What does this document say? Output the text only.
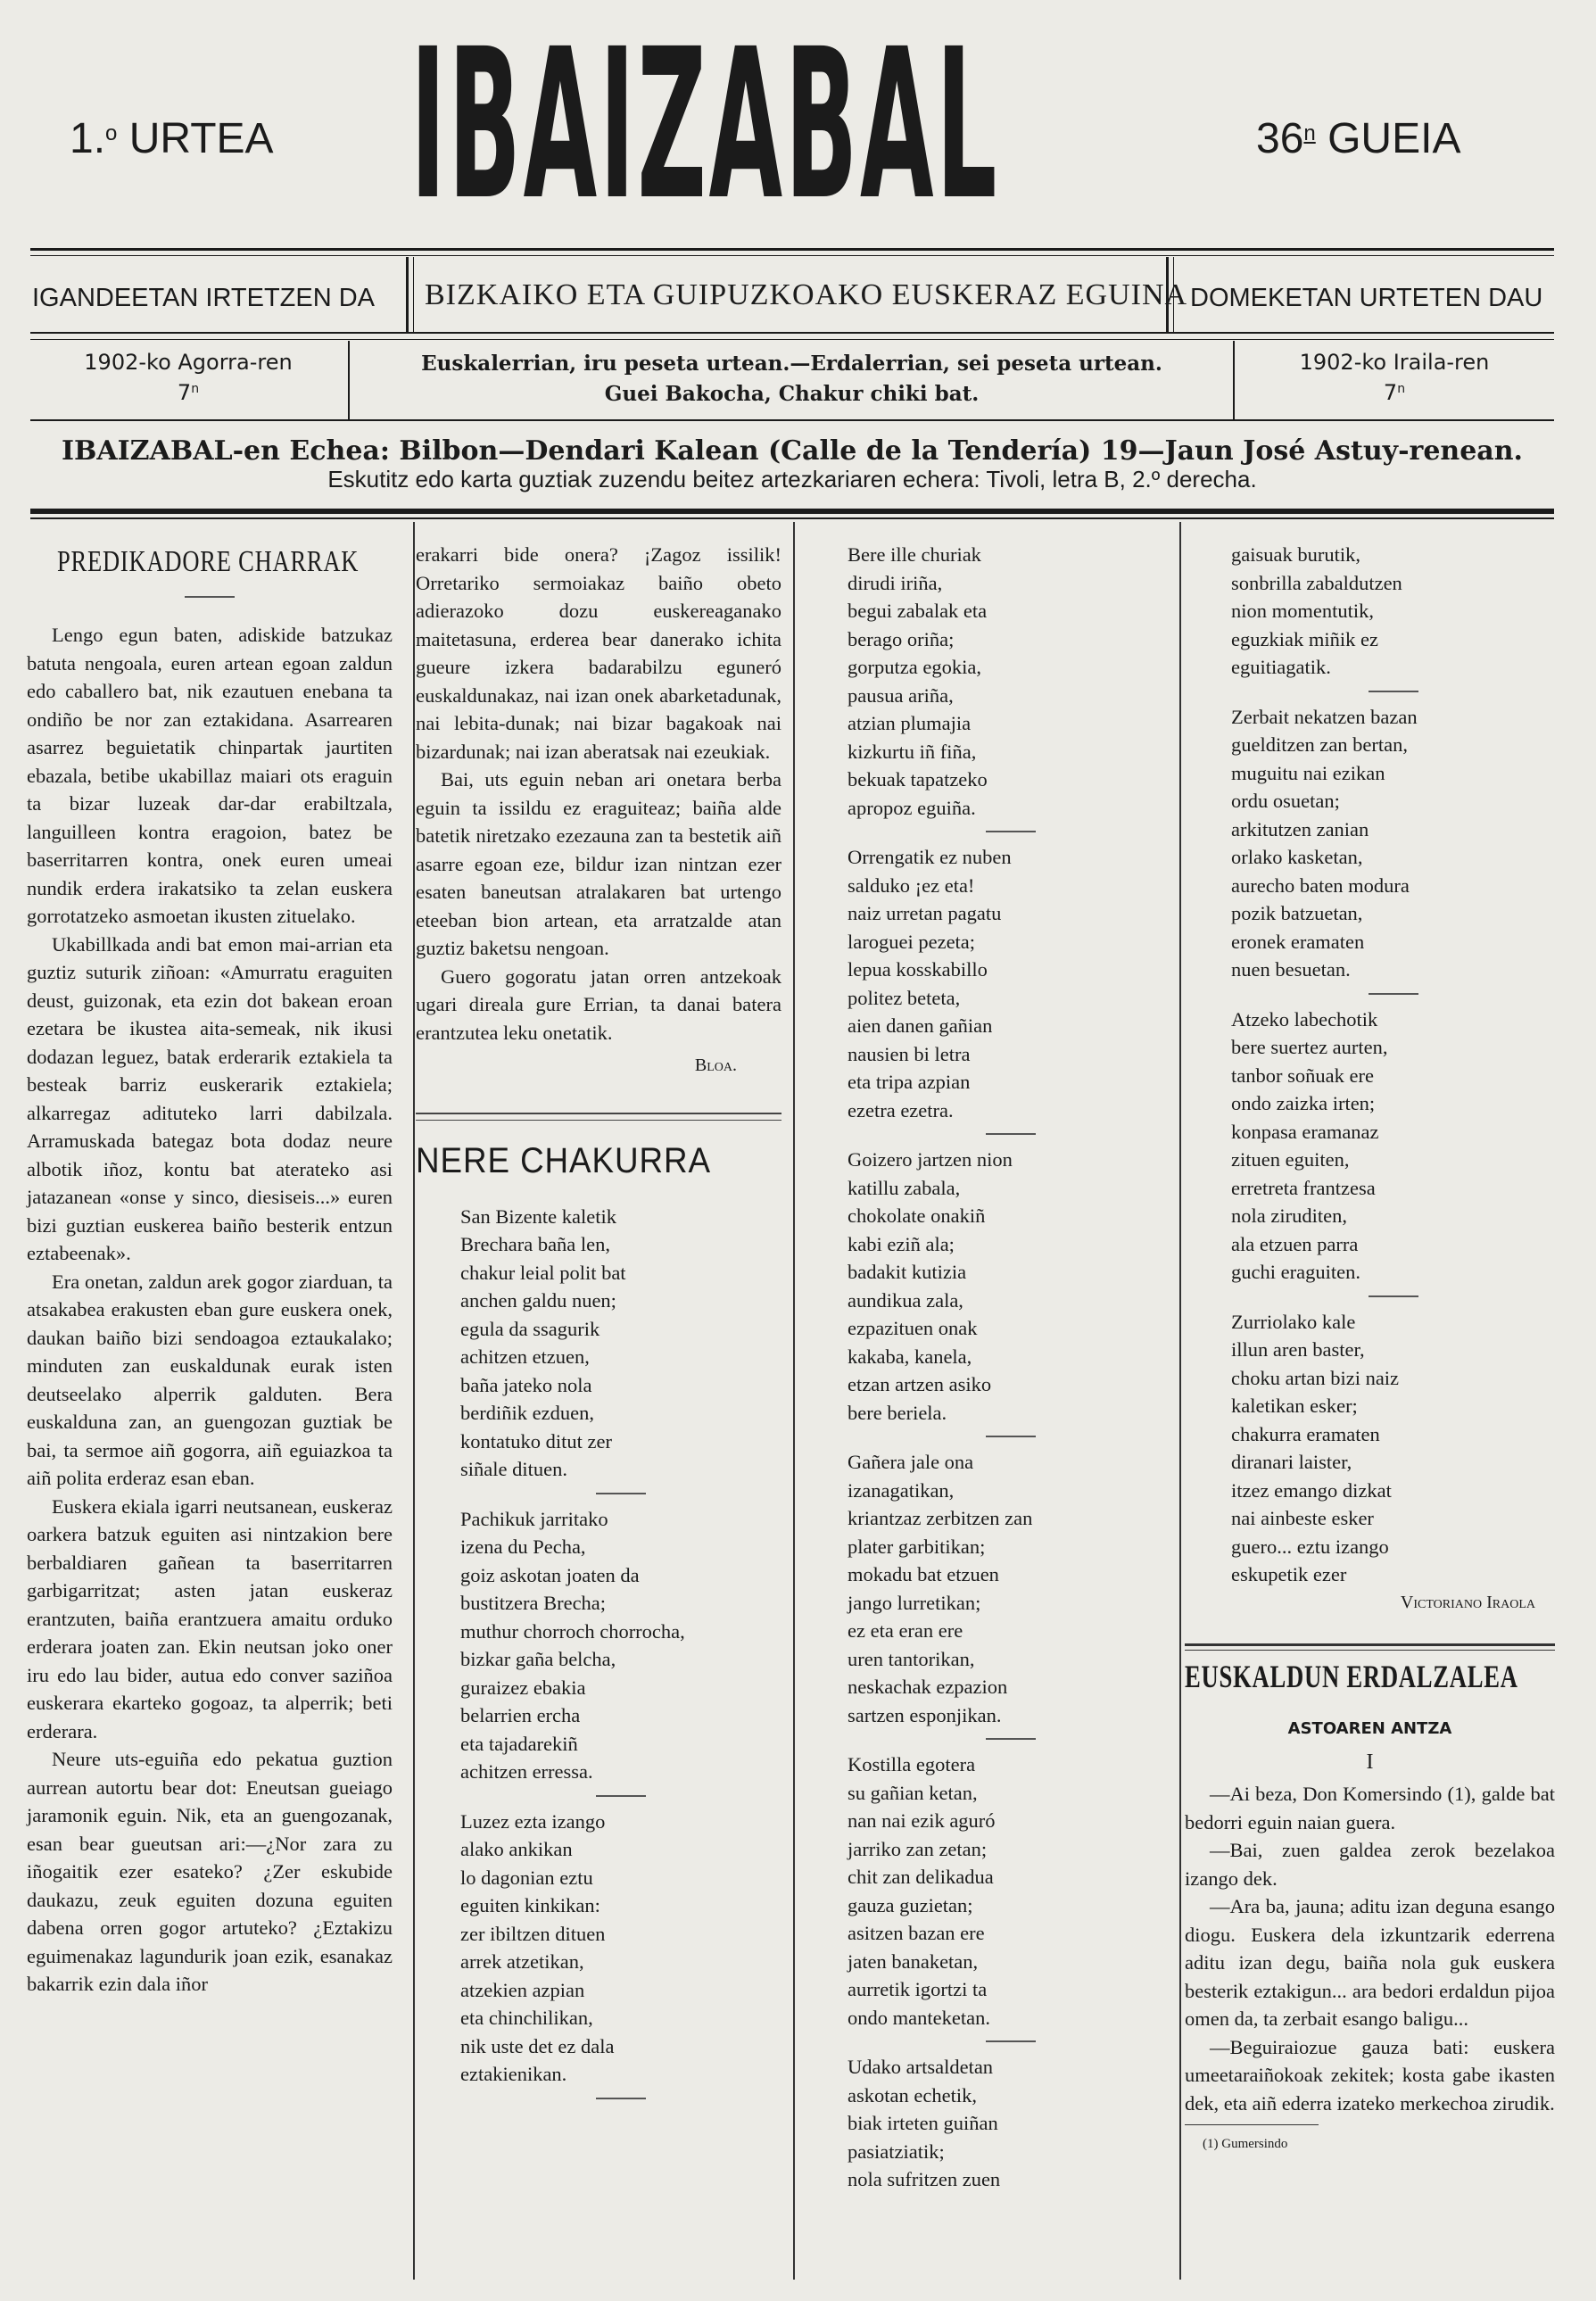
1.$^o$ URTEA IBAIZABAL	36$^n$ GUEIA
IGANDEETAN IRTETZEN DA BIZKAIKO ETA GUIPUZKOAKO EUSKERAZ EGUINA DOMEKETAN URTETEN DAU
1902-ko Agorra-ren
7$^n$
Euskalerrian, iru peseta urtean.—Erdalerrian, sei peseta urtean.
Guei Bakocha, Chakur chiki bat.
1902-ko Iraila-ren
7$^n$
IBAIZABAL-en Echea: Bilbon—Dendari Kalean (Calle de la Tendería) 19—Jaun José Astuy-renean.
Eskutitz edo karta guztiak zuzendu beitez artezkariaren echera: Tivoli, letra B, 2.º derecha.
PREDIKADORE CHARRAK

Lengo egun baten, adiskide batzukaz batuta nengoala, euren artean egoan zaldun edo caballero bat, nik ezautuen enebana ta ondiño be nor zan eztakidana. Asarrearen asarrez beguietatik chinpartak jaurtiten ebazala, betibe ukabillaz maiari ots eraguin ta bizar luzeak dar-dar erabiltzala, languilleen kontra eragoion, batez be baserritarren kontra, onek euren umeai nundik erdera irakatsiko ta zelan euskera gorrotatzeko asmoetan ikusten zituelako.

Ukabillkada andi bat emon mai-arrian eta guztiz suturik ziñoan: «Amurratu eraguiten deust, guizonak, eta ezin dot bakean eroan ezetara be ikustea aita-semeak, nik ikusi dodazan leguez, batak erderarik eztakiela ta besteak barriz euskerarik eztakiela; alkarregaz adituteko larri dabilzala. Arramuskada bategaz bota dodaz neure albotik iñoz, kontu bat aterateko asi jatazanean «onse y sinco, diesiseis...» euren bizi guztian euskerea baiño besterik entzun eztabeenak».

Era onetan, zaldun arek gogor ziarduan, ta atsakabea erakusten eban gure euskera onek, daukan baiño bizi sendoagoa eztaukalako; minduten zan euskaldunak eurak isten deutseelako alperrik galduten. Bera euskalduna zan, an guengozan guztiak be bai, ta sermoe aiñ gogorra, aiñ eguiazkoa ta aiñ polita erderaz esan eban.

Euskera ekiala igarri neutsanean, euskeraz oarkera batzuk eguiten asi nintzakion bere berbaldiaren gañean ta baserritarren garbigarritzat; asten jatan euskeraz erantzuten, baiña erantzuera amaitu orduko erderara joaten zan. Ekin neutsan joko oner iru edo lau bider, autua edo conver saziñoa euskerara ekarteko gogoaz, ta alperrik; beti erderara.

Neure uts-eguiña edo pekatua guztion aurrean autortu bear dot: Eneutsan gueiago jaramonik eguin. Nik, eta an guengozanak, esan bear gueutsan ari:—¿Nor zara zu iñogaitik ezer esateko? ¿Zer eskubide daukazu, zeuk eguiten dozuna eguiten dabena orren gogor artuteko? ¿Eztakizu eguimenakaz lagundurik joan ezik, esanakaz bakarrik ezin dala iñor

erakarri bide onera? ¡Zagoz issilik! Orretariko sermoiakaz baiño obeto adierazoko dozu euskereaganako maitetasuna, erderea bear danerako ichita gueure izkera badarabilzu eguneró euskaldunakaz, nai izan onek abarketadunak, nai lebita-dunak; nai bizar bagakoak nai bizardunak; nai izan aberatsak nai ezeukiak.

Bai, uts eguin neban ari onetara berba eguin ta issildu ez eraguiteaz; baiña alde batetik niretzako ezezauna zan ta bestetik aiñ asarre egoan eze, bildur izan nintzan ezer esaten baneutsan atralakaren bat urtengo eteeban bion artean, eta arratzalde atan guztiz baketsu nengoan.

Guero gogoratu jatan orren antzekoak ugari direala gure Errian, ta danai batera erantzutea leku onetatik.

Bloa.
NERE CHAKURRA
San Bizente kaletik
Brechara baña len,
chakur leial polit bat
anchen galdu nuen;
egula da ssagurik
achitzen etzuen,
baña jateko nola
berdiñik ezduen,
kontatuko ditut zer
siñale dituen.
Pachikuk jarritako
izena du Pecha,
goiz askotan joaten da
bustitzera Brecha;
muthur chorroch chorrocha,
bizkar gaña belcha,
guraizez ebakia
belarrien ercha
eta tajadarekiñ
achitzen erressa.
Luzez ezta izango
alako ankikan
lo dagonian eztu
eguiten kinkikan:
zer ibiltzen dituen
arrek atzetikan,
atzekien azpian
eta chinchilikan,
nik uste det ez dala
eztakienikan.
Bere ille churiak
dirudi iriña,
begui zabalak eta
berago oriña;
gorputza egokia,
pausua ariña,
atzian plumajia
kizkurtu iñ fiña,
bekuak tapatzeko
apropoz eguiña.
Orrengatik ez nuben
salduko ¡ez eta!
naiz urretan pagatu
laroguei pezeta;
lepua kosskabillo
politez beteta,
aien danen gañian
nausien bi letra
eta tripa azpian
ezetra ezetra.
Goizero jartzen nion
katillu zabala,
chokolate onakiñ
kabi eziñ ala;
badakit kutizia
aundikua zala,
ezpazituen onak
kakaba, kanela,
etzan artzen asiko
bere beriela.
Gañera jale ona
izanagatikan,
kriantzaz zerbitzen zan
plater garbitikan;
mokadu bat etzuen
jango lurretikan;
ez eta eran ere
uren tantorikan,
neskachak ezpazion
sartzen esponjikan.
Kostilla egotera
su gañian ketan,
nan nai ezik aguró
jarriko zan zetan;
chit zan delikadua
gauza guzietan;
asitzen bazan ere
jaten banaketan,
aurretik igortzi ta
ondo manteketan.
Udako artsaldetan
askotan echetik,
biak irteten guiñan
pasiatziatik;
nola sufritzen zuen
gaisuak burutik,
sonbrilla zabaldutzen
nion momentutik,
eguzkiak miñik ez
eguitiagatik.
Zerbait nekatzen bazan
guelditzen zan bertan,
muguitu nai ezikan
ordu osuetan;
arkitutzen zanian
orlako kasketan,
aurecho baten modura
pozik batzuetan,
eronek eramaten
nuen besuetan.
Atzeko labechotik
bere suertez aurten,
tanbor soñuak ere
ondo zaizka irten;
konpasa eramanaz
zituen eguiten,
erretreta frantzesa
nola ziruditen,
ala etzuen parra
guchi eraguiten.
Zurriolako kale
illun aren baster,
choku artan bizi naiz
kaletikan esker;
chakurra eramaten
diranari laister,
itzez emango dizkat
nai ainbeste esker
guero... eztu izango
eskupetik ezer
Victoriano Iraola
EUSKALDUN ERDALZALEA
ASTOAREN ANTZA
I

—Ai beza, Don Komersindo (1), galde bat bedorri eguin naian guera.

—Bai, zuen galdea zerok bezelakoa izango dek.

—Ara ba, jauna; aditu izan deguna esango diogu. Euskera dela izkuntzarik ederrena aditu izan degu, baiña nola guk euskera besterik eztakigun... ara bedori erdaldun pijoa omen da, ta zerbait esango baligu...

—Beguiraiozue gauza bati: euskera umeetaraiñokoak zekitek; kosta gabe ikasten dek, eta aiñ ederra izateko merkechoa zirudik.

(1) Gumersindo
